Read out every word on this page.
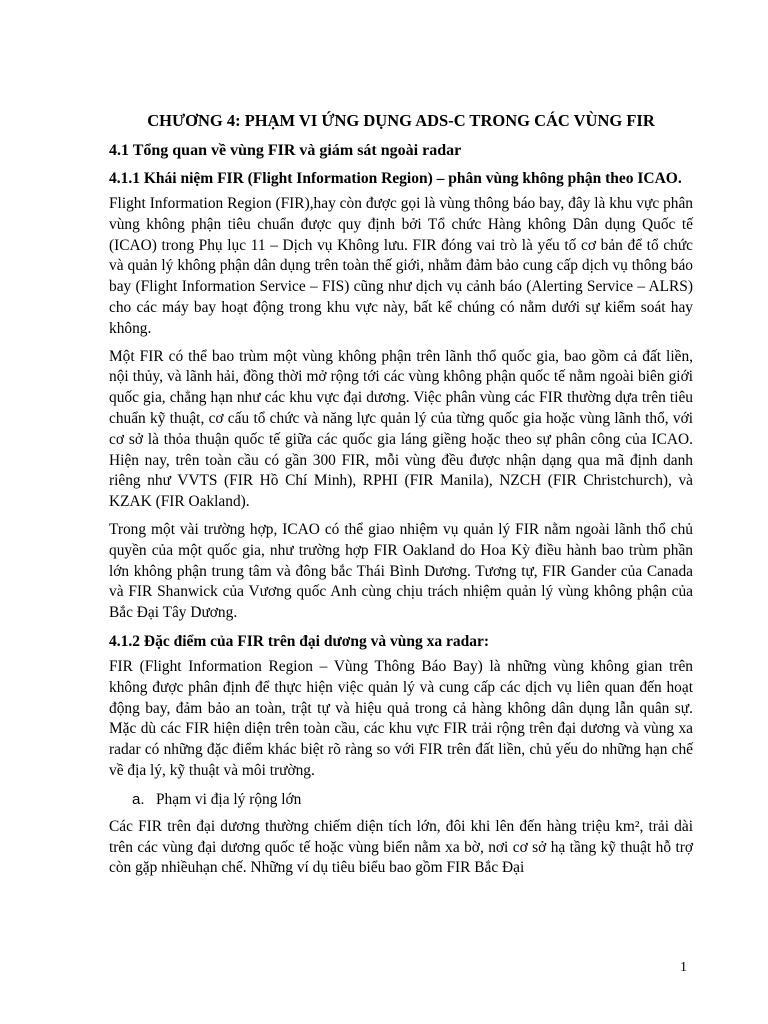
CHƯƠNG 4: PHẠM VI ỨNG DỤNG ADS-C TRONG CÁC VÙNG FIR
4.1 Tổng quan về vùng FIR và giám sát ngoài radar
4.1.1 Khái niệm FIR (Flight Information Region) – phân vùng không phận theo ICAO.
Flight Information Region (FIR),hay còn được gọi là vùng thông báo bay, đây là khu vực phân vùng không phận tiêu chuẩn được quy định bởi Tổ chức Hàng không Dân dụng Quốc tế (ICAO) trong Phụ lục 11 – Dịch vụ Không lưu. FIR đóng vai trò là yếu tố cơ bản để tổ chức và quản lý không phận dân dụng trên toàn thế giới, nhằm đảm bảo cung cấp dịch vụ thông báo bay (Flight Information Service – FIS) cũng như dịch vụ cảnh báo (Alerting Service – ALRS) cho các máy bay hoạt động trong khu vực này, bất kể chúng có nằm dưới sự kiểm soát hay không.
Một FIR có thể bao trùm một vùng không phận trên lãnh thổ quốc gia, bao gồm cả đất liền, nội thủy, và lãnh hải, đồng thời mở rộng tới các vùng không phận quốc tế nằm ngoài biên giới quốc gia, chẳng hạn như các khu vực đại dương. Việc phân vùng các FIR thường dựa trên tiêu chuẩn kỹ thuật, cơ cấu tổ chức và năng lực quản lý của từng quốc gia hoặc vùng lãnh thổ, với cơ sở là thỏa thuận quốc tế giữa các quốc gia láng giềng hoặc theo sự phân công của ICAO. Hiện nay, trên toàn cầu có gần 300 FIR, mỗi vùng đều được nhận dạng qua mã định danh riêng như VVTS (FIR Hồ Chí Minh), RPHI (FIR Manila), NZCH (FIR Christchurch), và KZAK (FIR Oakland).
Trong một vài trường hợp, ICAO có thể giao nhiệm vụ quản lý FIR nằm ngoài lãnh thổ chủ quyền của một quốc gia, như trường hợp FIR Oakland do Hoa Kỳ điều hành bao trùm phần lớn không phận trung tâm và đông bắc Thái Bình Dương. Tương tự, FIR Gander của Canada và FIR Shanwick của Vương quốc Anh cùng chịu trách nhiệm quản lý vùng không phận của Bắc Đại Tây Dương.
4.1.2 Đặc điểm của FIR trên đại dương và vùng xa radar:
FIR (Flight Information Region – Vùng Thông Báo Bay) là những vùng không gian trên không được phân định để thực hiện việc quản lý và cung cấp các dịch vụ liên quan đến hoạt động bay, đảm bảo an toàn, trật tự và hiệu quả trong cả hàng không dân dụng lẫn quân sự. Mặc dù các FIR hiện diện trên toàn cầu, các khu vực FIR trải rộng trên đại dương và vùng xa radar có những đặc điểm khác biệt rõ ràng so với FIR trên đất liền, chủ yếu do những hạn chế về địa lý, kỹ thuật và môi trường.
a. Phạm vi địa lý rộng lớn
Các FIR trên đại dương thường chiếm diện tích lớn, đôi khi lên đến hàng triệu km², trải dài trên các vùng đại dương quốc tế hoặc vùng biển nằm xa bờ, nơi cơ sở hạ tầng kỹ thuật hỗ trợ còn gặp nhiềuhạn chế. Những ví dụ tiêu biểu bao gồm FIR Bắc Đại
1
